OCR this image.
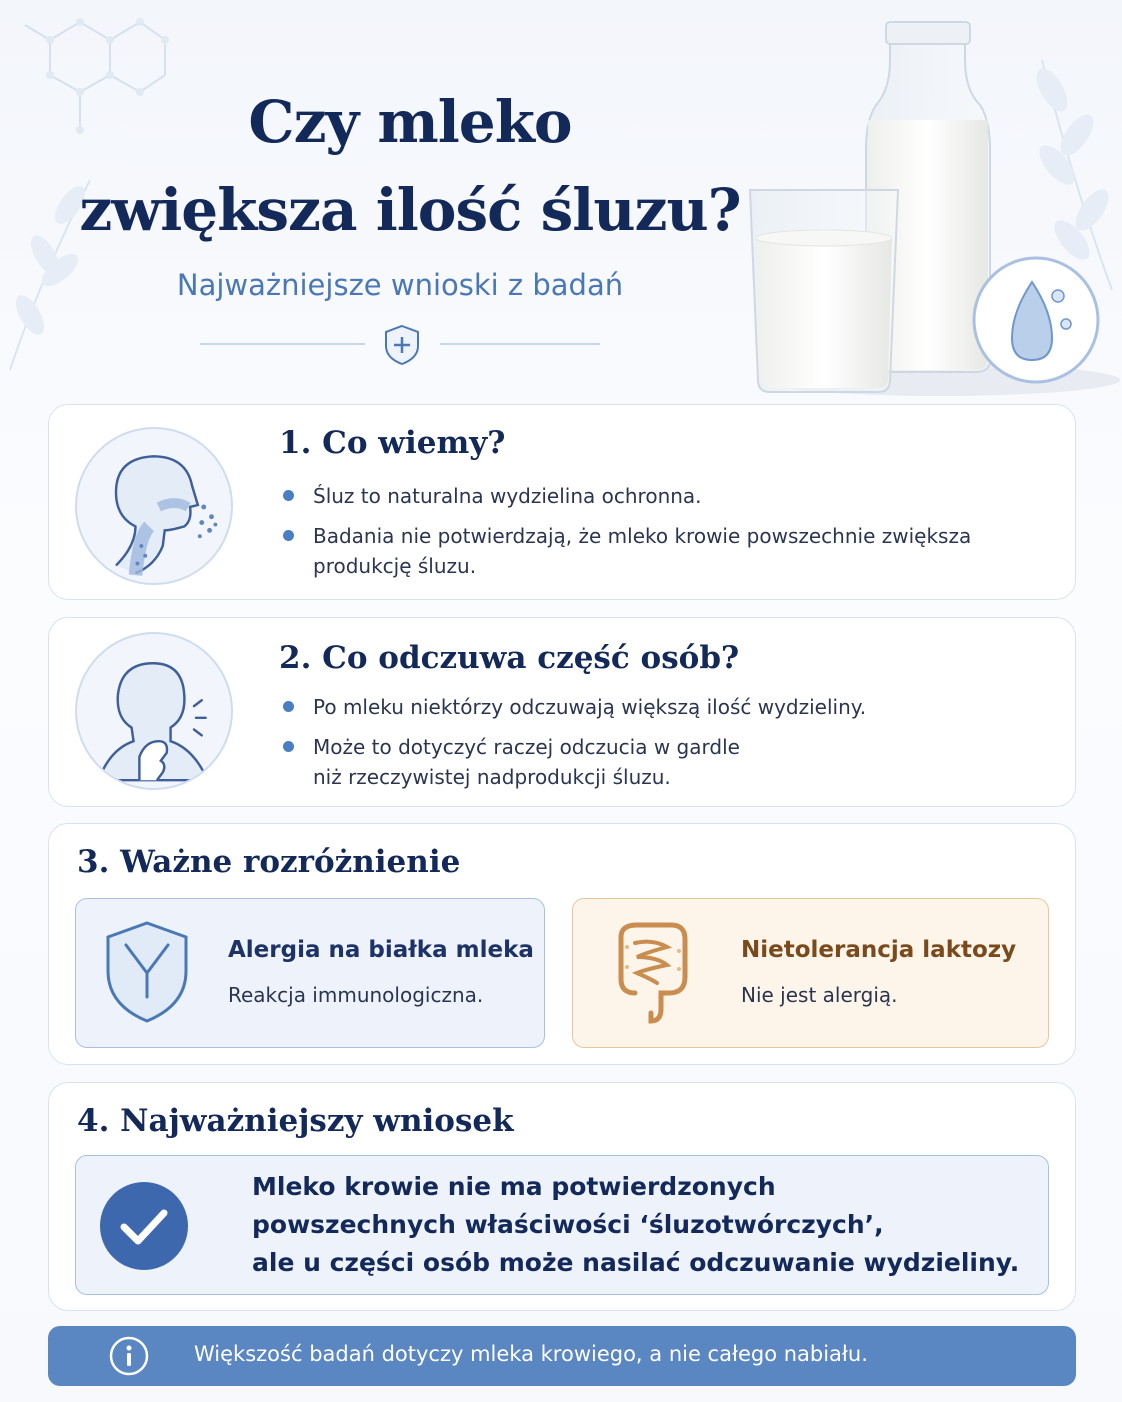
Czy mleko
zwiększa ilość śluzu?
Najważniejsze wnioski z badań
1. Co wiemy?
Śluz to naturalna wydzielina ochronna.
Badania nie potwierdzają, że mleko krowie powszechnie zwiększa produkcję śluzu.
2. Co odczuwa część osób?
Po mleku niektórzy odczuwają większą ilość wydzieliny.
Może to dotyczyć raczej odczucia w gardle niż rzeczywistej nadprodukcji śluzu.
3. Ważne rozróżnienie
Alergia na białka mleka
Reakcja immunologiczna.
Nietolerancja laktozy
Nie jest alergią.
4. Najważniejszy wniosek
Mleko krowie nie ma potwierdzonych
powszechnych właściwości ‘śluzotwórczych’,
ale u części osób może nasilać odczuwanie wydzieliny.
Większość badań dotyczy mleka krowiego, a nie całego nabiału.
